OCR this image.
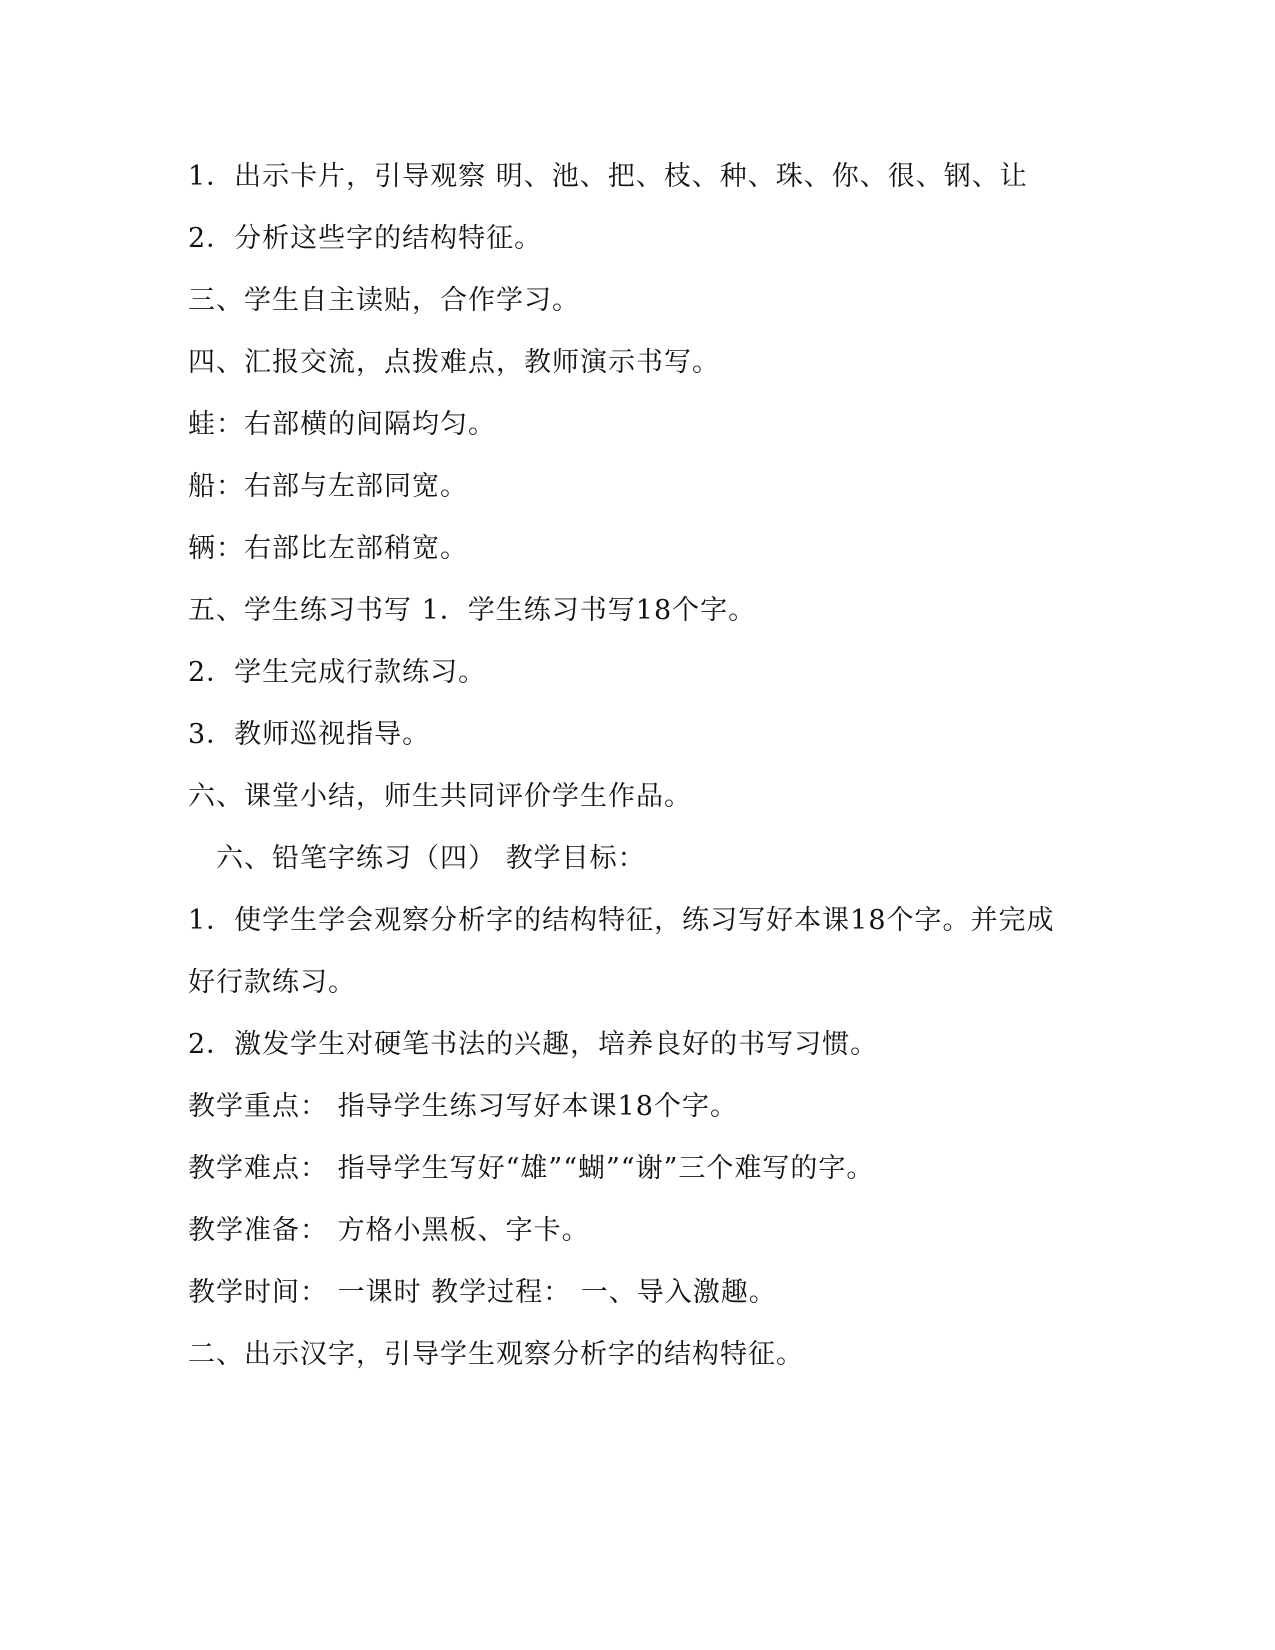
1．出示卡片，引导观察 明、池、把、枝、种、珠、你、很、钢、让
2．分析这些字的结构特征。
三、学生自主读贴，合作学习。
四、汇报交流，点拨难点，教师演示书写。
蛙：右部横的间隔均匀。
船：右部与左部同宽。
辆：右部比左部稍宽。
五、学生练习书写 1．学生练习书写18个字。
2．学生完成行款练习。
3．教师巡视指导。
六、课堂小结，师生共同评价学生作品。
六、铅笔字练习（四） 教学目标：
1．使学生学会观察分析字的结构特征，练习写好本课18个字。并完成
好行款练习。
2．激发学生对硬笔书法的兴趣，培养良好的书写习惯。
教学重点： 指导学生练习写好本课18个字。
教学难点： 指导学生写好“雄”“蝴”“谢”三个难写的字。
教学准备： 方格小黑板、字卡。
教学时间： 一课时 教学过程： 一、导入激趣。
二、出示汉字，引导学生观察分析字的结构特征。
